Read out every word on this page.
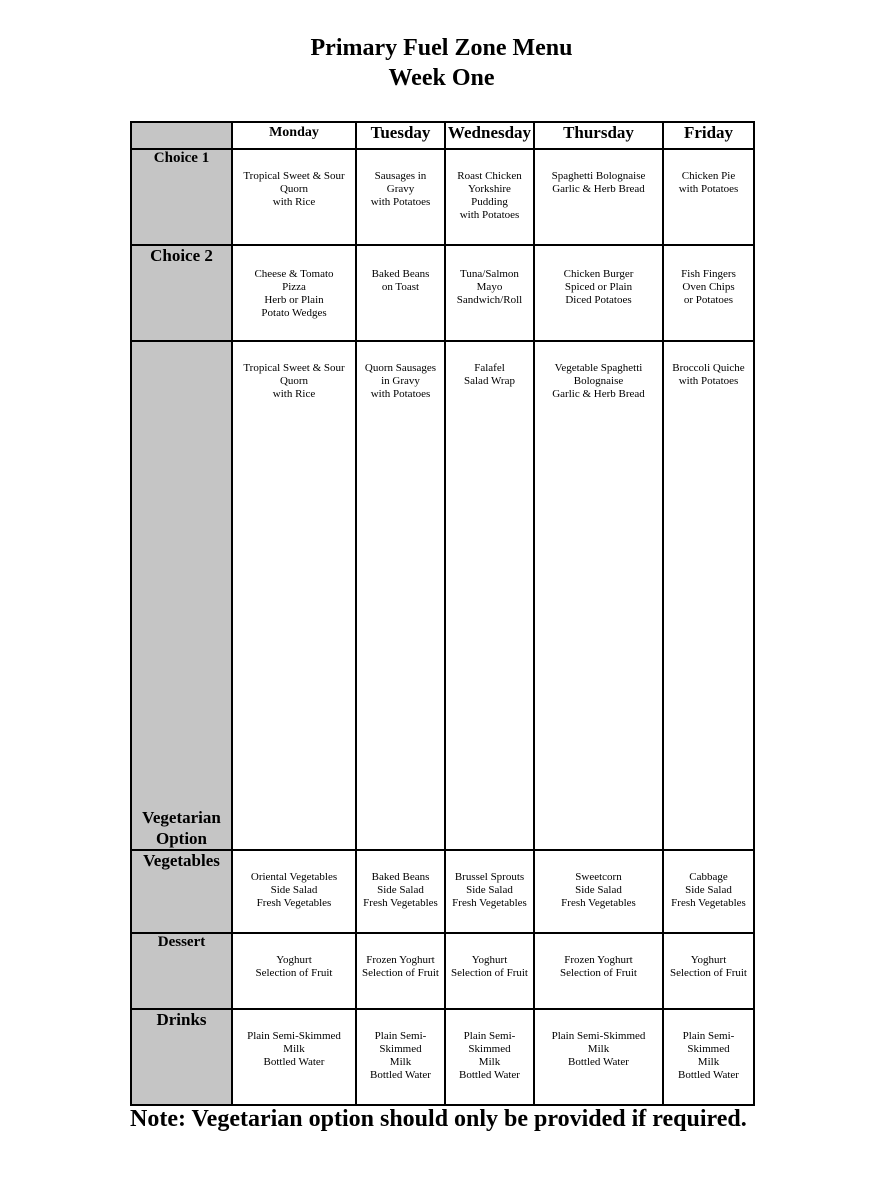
Primary Fuel Zone Menu
Week One
	Monday	Tuesday	Wednesday	Thursday	Friday
Choice 1	Tropical Sweet & Sour
Quorn
with Rice	Sausages in
Gravy
with Potatoes	Roast Chicken
Yorkshire
Pudding
with Potatoes	Spaghetti Bolognaise
Garlic & Herb Bread	Chicken Pie
with Potatoes

Choice 2	Cheese & Tomato
Pizza
Herb or Plain
Potato Wedges	Baked Beans
on Toast	Tuna/Salmon
Mayo
Sandwich/Roll	Chicken Burger
Spiced or Plain
Diced Potatoes	Fish Fingers
Oven Chips
or Potatoes

Vegetarian
Option	Tropical Sweet & Sour
Quorn
with Rice	Quorn Sausages
in Gravy
with Potatoes	Falafel
Salad Wrap	Vegetable Spaghetti
Bolognaise
Garlic & Herb Bread	Broccoli Quiche
with Potatoes

Vegetables	Oriental Vegetables
Side Salad
Fresh Vegetables	Baked Beans
Side Salad
Fresh Vegetables	Brussel Sprouts
Side Salad
Fresh Vegetables	Sweetcorn
Side Salad
Fresh Vegetables	Cabbage
Side Salad
Fresh Vegetables

Dessert	Yoghurt
Selection of Fruit	Frozen Yoghurt
Selection of Fruit	Yoghurt
Selection of Fruit	Frozen Yoghurt
Selection of Fruit	Yoghurt
Selection of Fruit

Drinks	Plain Semi-Skimmed
Milk
Bottled Water	Plain Semi-
Skimmed
Milk
Bottled Water	Plain Semi-
Skimmed
Milk
Bottled Water	Plain Semi-Skimmed
Milk
Bottled Water	Plain Semi-
Skimmed
Milk
Bottled Water
Note: Vegetarian option should only be provided if required.
